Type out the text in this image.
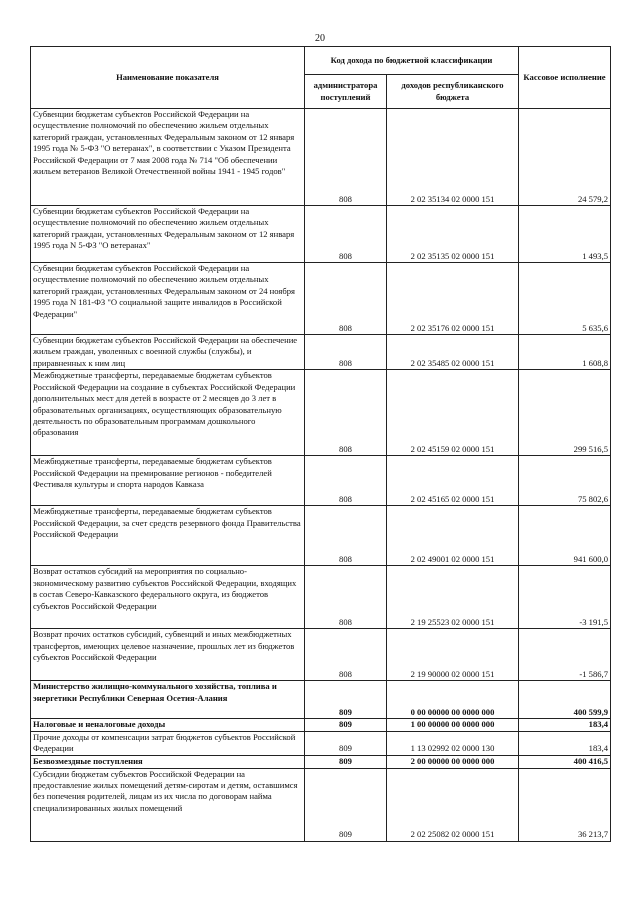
20
Наименование показателя	Код дохода по бюджетной классификации		Кассовое исполнение
	администратора поступлений	доходов республиканского бюджета	
Субвенции бюджетам субъектов Российской Федерации на осуществление полномочий по обеспечению жильем отдельных категорий граждан, установленных Федеральным законом от 12 января 1995 года № 5-ФЗ "О ветеранах", в соответствии с Указом Президента Российской Федерации от 7 мая 2008 года № 714 "Об обеспечении жильем ветеранов Великой Отечественной войны 1941 - 1945 годов"	808	2 02 35134 02 0000 151	24 579,2
Субвенции бюджетам субъектов Российской Федерации на осуществление полномочий по обеспечению жильем отдельных категорий граждан, установленных Федеральным законом от 12 января 1995 года N 5-ФЗ "О ветеранах"	808	2 02 35135 02 0000 151	1 493,5
Субвенции бюджетам субъектов Российской Федерации на осуществление полномочий по обеспечению жильем отдельных категорий граждан, установленных Федеральным законом от 24 ноября 1995 года N 181-ФЗ "О социальной защите инвалидов в Российской Федерации"	808	2 02 35176 02 0000 151	5 635,6
Субвенции бюджетам субъектов Российской Федерации на обеспечение жильем граждан, уволенных с военной службы (службы), и приравненных к ним лиц	808	2 02 35485 02 0000 151	1 608,8
Межбюджетные трансферты, передаваемые бюджетам субъектов Российской Федерации на создание в субъектах Российской Федерации дополнительных мест для детей в возрасте от 2 месяцев до 3 лет в образовательных организациях, осуществляющих образовательную деятельность по образовательным программам дошкольного образования	808	2 02 45159 02 0000 151	299 516,5
Межбюджетные трансферты, передаваемые бюджетам субъектов Российской Федерации на премирование регионов - победителей Фестиваля культуры и спорта народов Кавказа	808	2 02 45165 02 0000 151	75 802,6
Межбюджетные трансферты, передаваемые бюджетам субъектов Российской Федерации, за счет средств резервного фонда Правительства Российской Федерации	808	2 02 49001 02 0000 151	941 600,0
Возврат остатков субсидий на мероприятия по социально-экономическому развитию субъектов Российской Федерации, входящих в состав Северо-Кавказского федерального округа, из бюджетов субъектов Российской Федерации	808	2 19 25523 02 0000 151	-3 191,5
Возврат прочих остатков субсидий, субвенций и иных межбюджетных трансфертов, имеющих целевое назначение, прошлых лет из бюджетов субъектов Российской Федерации	808	2 19 90000 02 0000 151	-1 586,7
Министерство жилищно-коммунального хозяйства, топлива и энергетики Республики Северная Осетия-Алания	809	0 00 00000 00 0000 000	400 599,9
Налоговые и неналоговые доходы	809	1 00 00000 00 0000 000	183,4
Прочие доходы от компенсации затрат бюджетов субъектов Российской Федерации	809	1 13 02992 02 0000 130	183,4
Безвозмездные поступления	809	2 00 00000 00 0000 000	400 416,5
Субсидии бюджетам субъектов Российской Федерации на предоставление жилых помещений детям-сиротам и детям, оставшимся без попечения родителей, лицам из их числа по договорам найма специализированных жилых помещений	809	2 02 25082 02 0000 151	36 213,7
